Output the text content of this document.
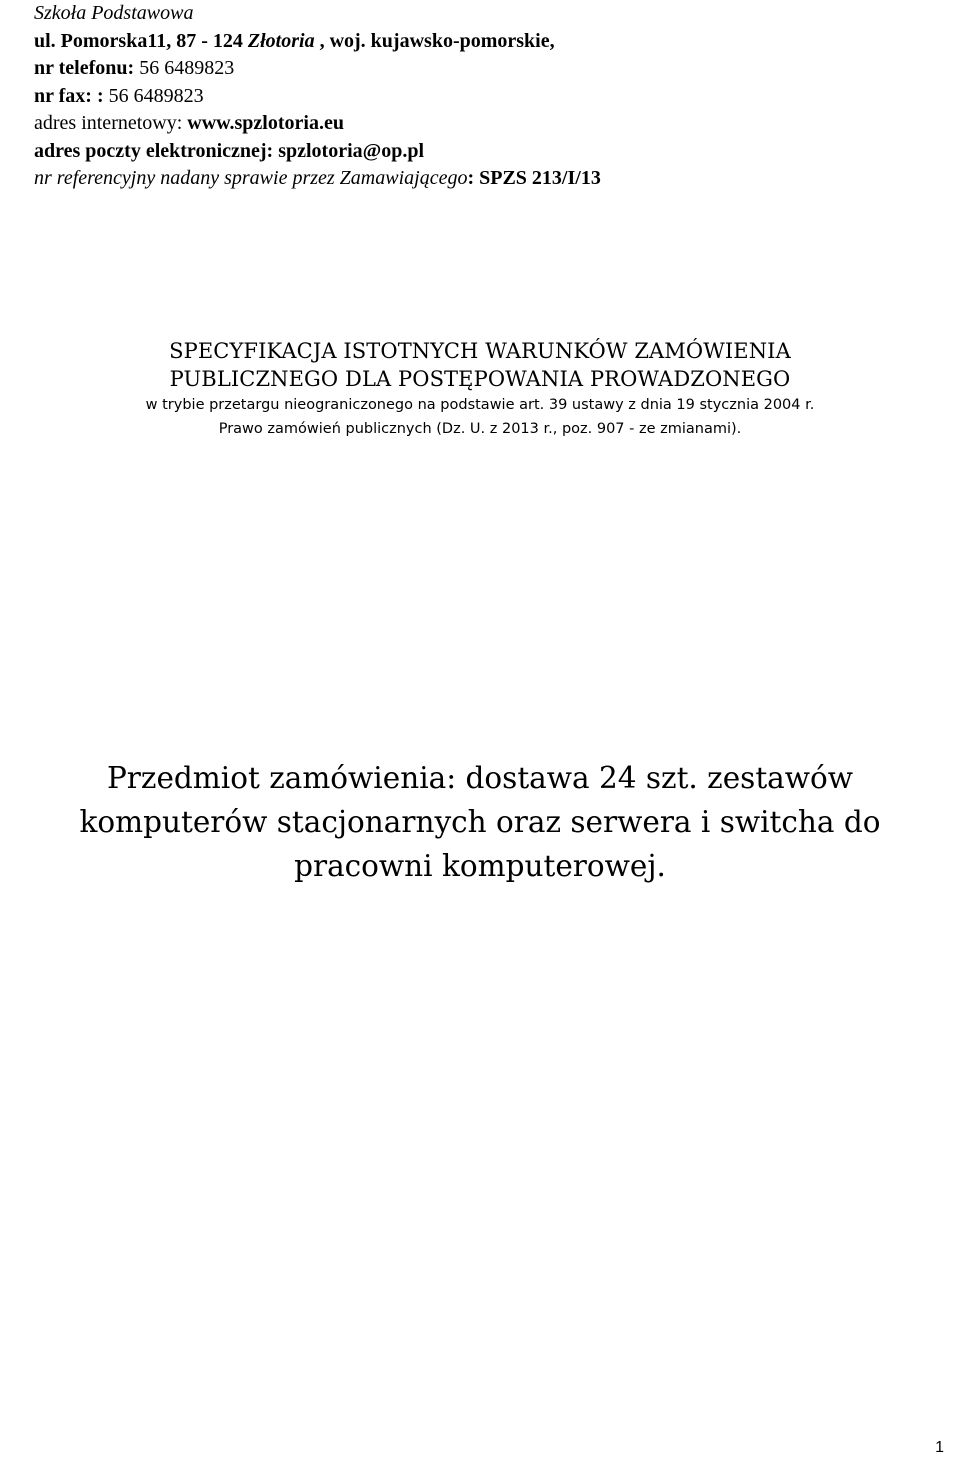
Szkoła Podstawowa
ul. Pomorska11, 87 - 124 Złotoria , woj. kujawsko-pomorskie,
nr telefonu: 56 6489823
nr fax: : 56 6489823
adres internetowy: www.spzlotoria.eu
adres poczty elektronicznej: spzlotoria@op.pl
nr referencyjny nadany sprawie przez Zamawiającego: SPZS 213/I/13
SPECYFIKACJA ISTOTNYCH WARUNKÓW ZAMÓWIENIA
PUBLICZNEGO DLA POSTĘPOWANIA PROWADZONEGO
w trybie przetargu nieograniczonego na podstawie art. 39 ustawy z dnia 19 stycznia 2004 r.
Prawo zamówień publicznych (Dz. U. z 2013 r., poz. 907 - ze zmianami).
Przedmiot zamówienia: dostawa 24 szt. zestawów
komputerów stacjonarnych oraz serwera i switcha do
pracowni komputerowej.
1
